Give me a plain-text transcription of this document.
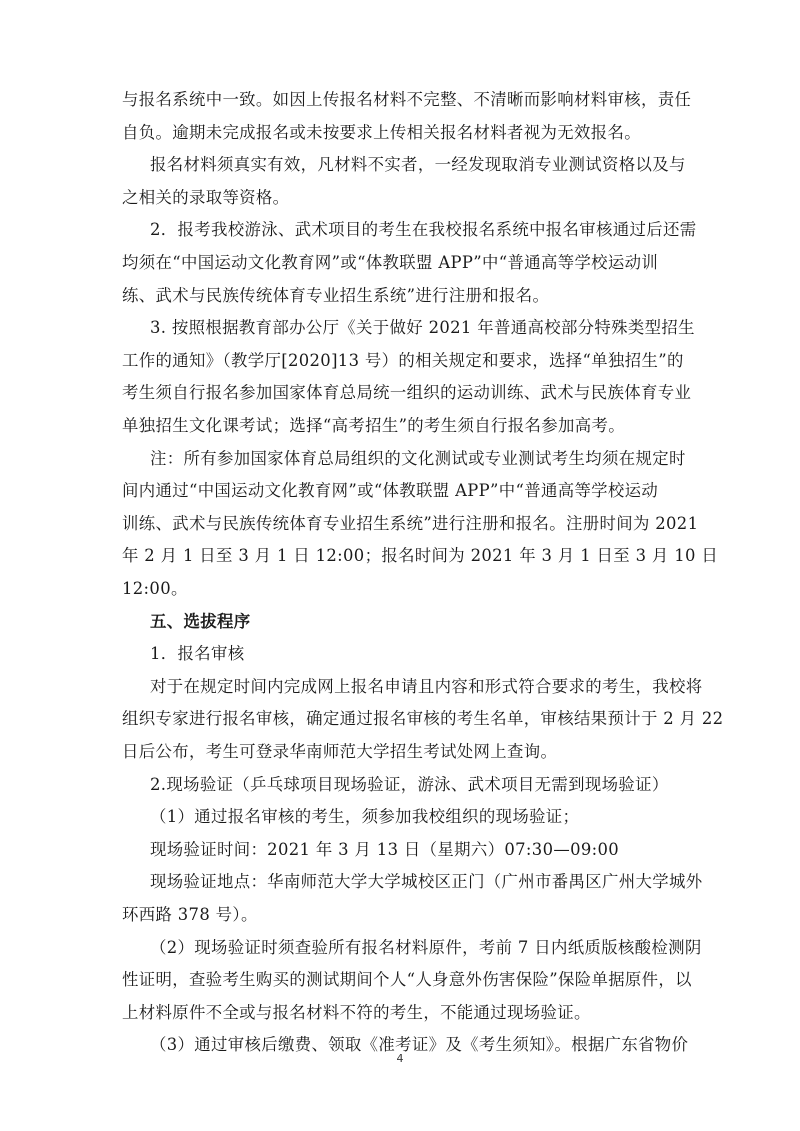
与报名系统中一致。如因上传报名材料不完整、不清晰而影响材料审核，责任
自负。逾期未完成报名或未按要求上传相关报名材料者视为无效报名。
报名材料须真实有效，凡材料不实者，一经发现取消专业测试资格以及与
之相关的录取等资格。
2．报考我校游泳、武术项目的考生在我校报名系统中报名审核通过后还需
均须在“中国运动文化教育网”或“体教联盟 APP”中“普通高等学校运动训
练、武术与民族传统体育专业招生系统”进行注册和报名。
3. 按照根据教育部办公厅《关于做好 2021 年普通高校部分特殊类型招生
工作的通知》（教学厅[2020]13 号）的相关规定和要求，选择“单独招生”的
考生须自行报名参加国家体育总局统一组织的运动训练、武术与民族体育专业
单独招生文化课考试；选择“高考招生”的考生须自行报名参加高考。
注：所有参加国家体育总局组织的文化测试或专业测试考生均须在规定时
间内通过“中国运动文化教育网”或“体教联盟 APP”中“普通高等学校运动
训练、武术与民族传统体育专业招生系统”进行注册和报名。注册时间为 2021
年 2 月 1 日至 3 月 1 日 12:00；报名时间为 2021 年 3 月 1 日至 3 月 10 日
12:00。
五、选拔程序
1．报名审核
对于在规定时间内完成网上报名申请且内容和形式符合要求的考生，我校将
组织专家进行报名审核，确定通过报名审核的考生名单，审核结果预计于 2 月 22
日后公布，考生可登录华南师范大学招生考试处网上查询。
2.现场验证（乒乓球项目现场验证，游泳、武术项目无需到现场验证）
（1）通过报名审核的考生，须参加我校组织的现场验证；
现场验证时间：2021 年 3 月 13 日（星期六）07:30—09:00
现场验证地点：华南师范大学大学城校区正门（广州市番禺区广州大学城外
环西路 378 号）。
（2）现场验证时须查验所有报名材料原件，考前 7 日内纸质版核酸检测阴
性证明，查验考生购买的测试期间个人“人身意外伤害保险”保险单据原件，以
上材料原件不全或与报名材料不符的考生，不能通过现场验证。
（3）通过审核后缴费、领取《准考证》及《考生须知》。根据广东省物价
4
